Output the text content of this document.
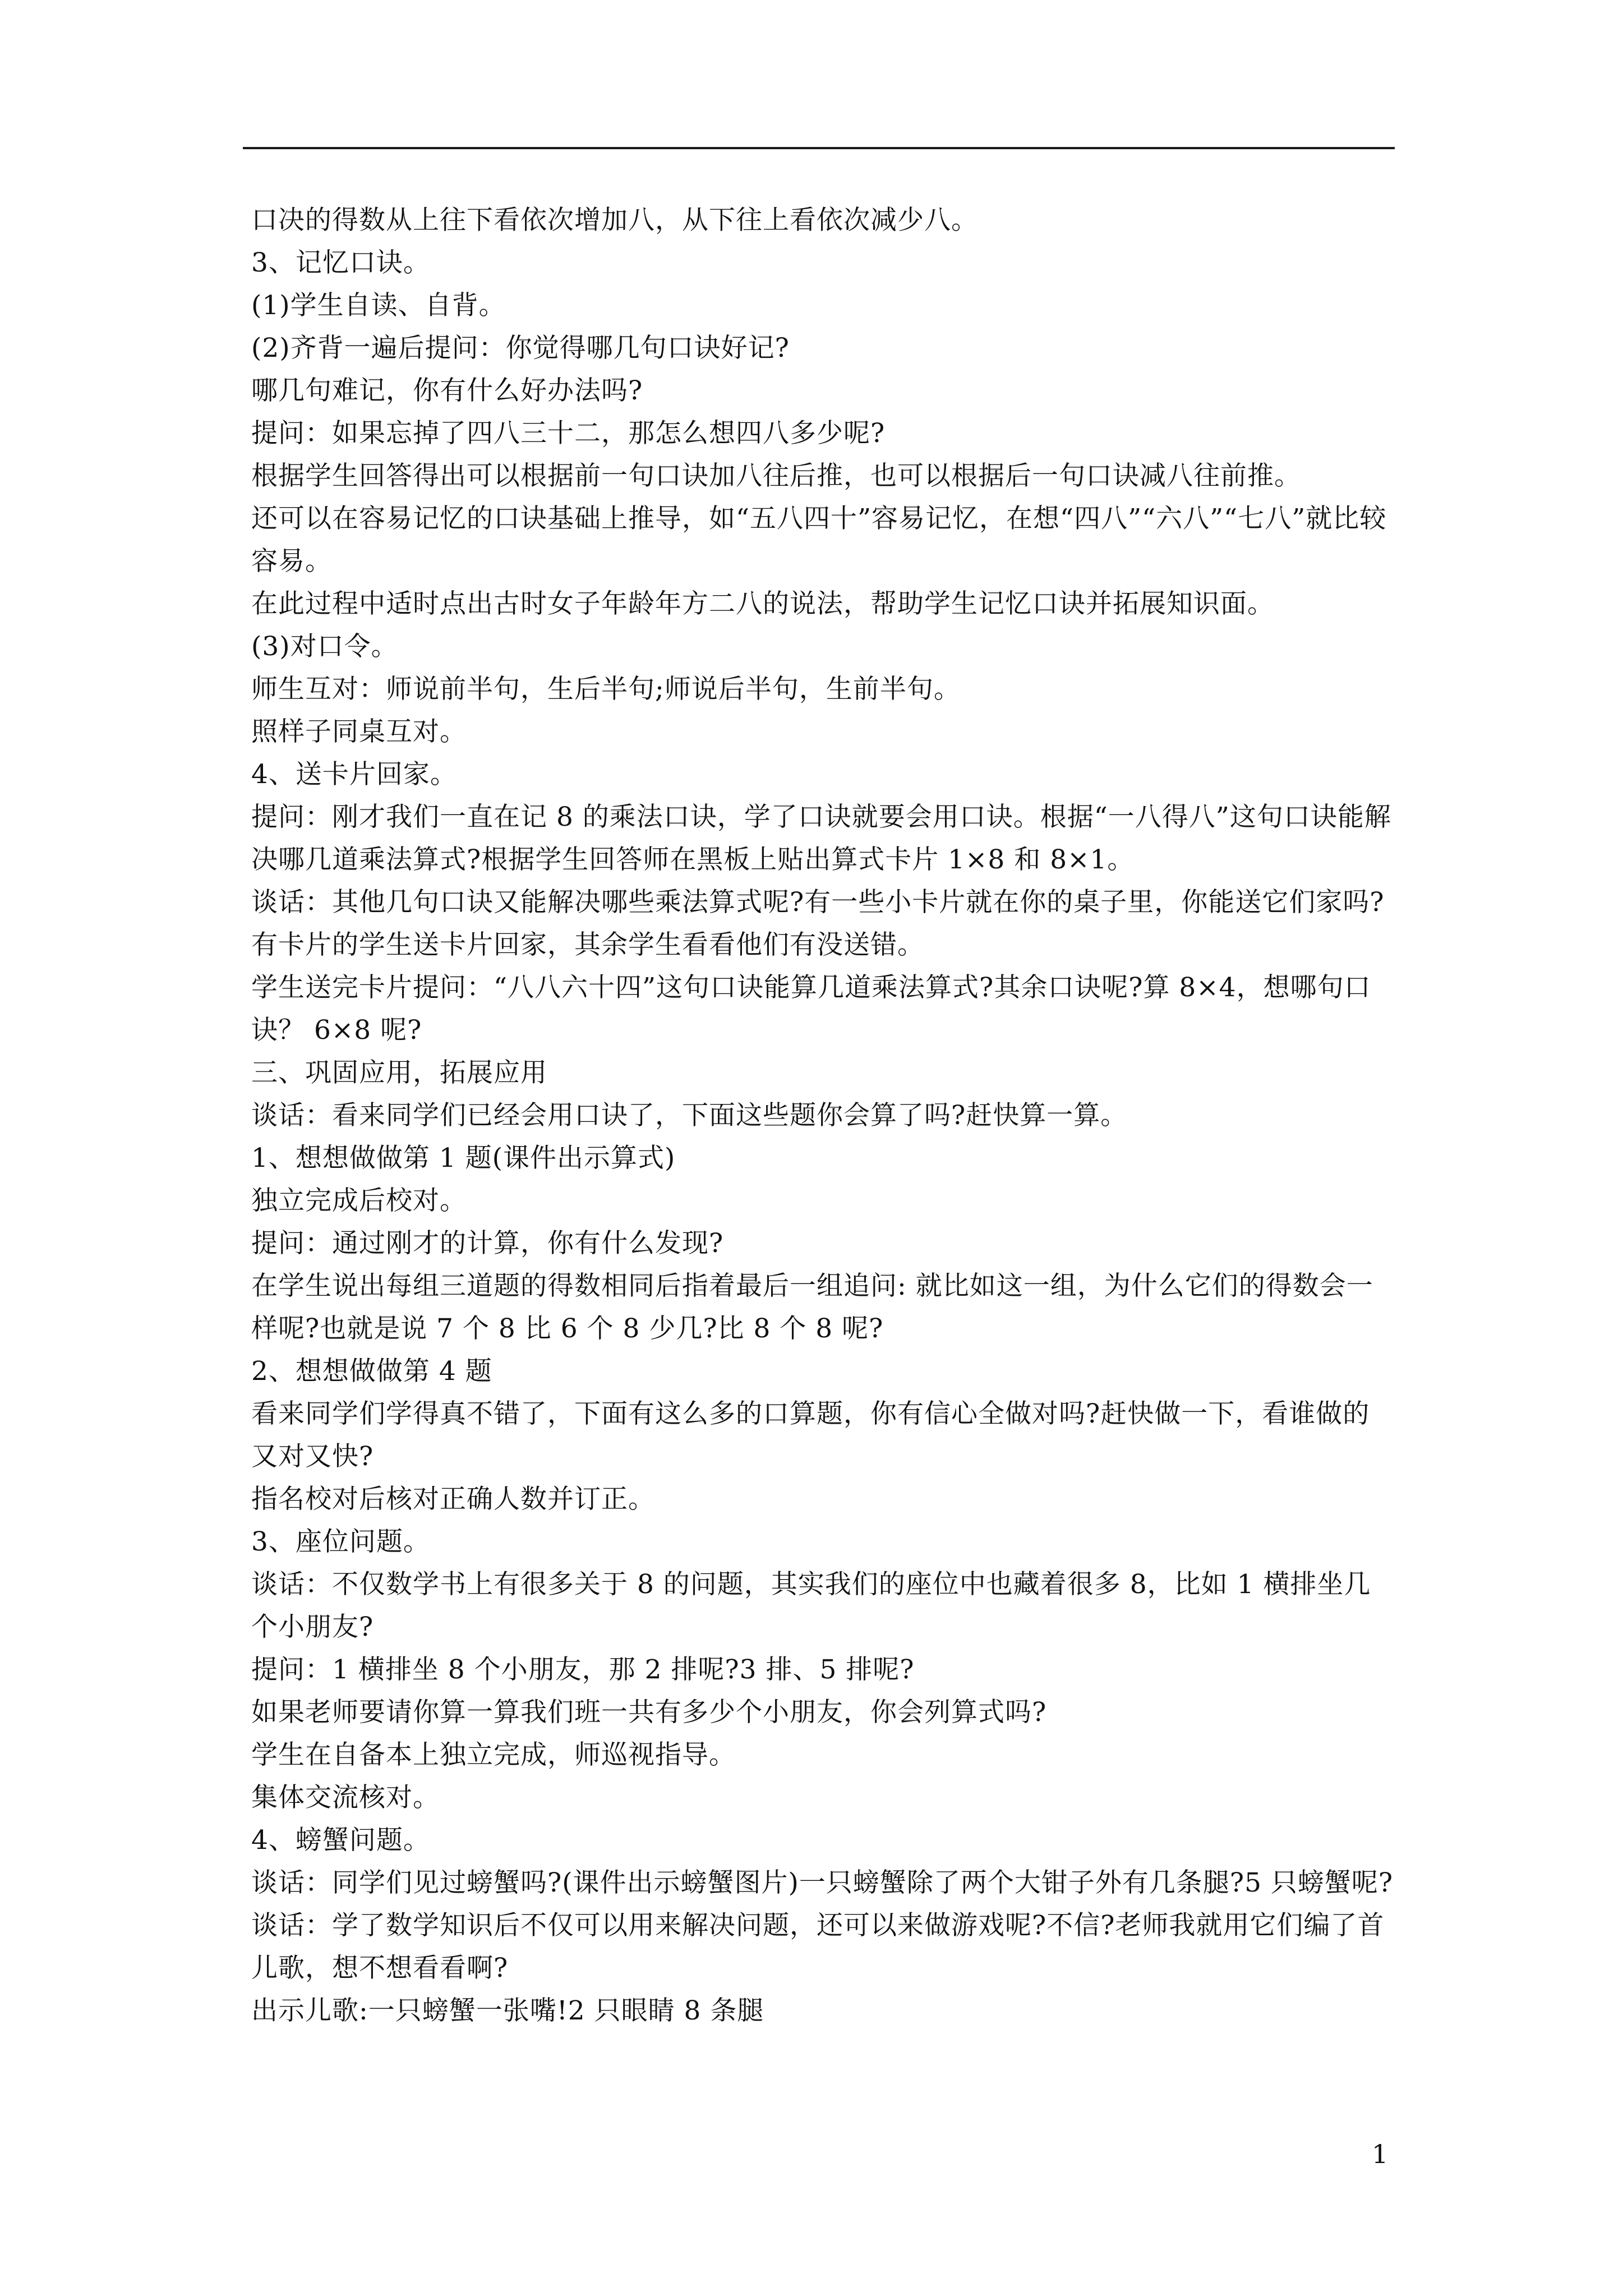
口决的得数从上往下看依次增加八，从下往上看依次减少八。

3、记忆口诀。

(1)学生自读、自背。

(2)齐背一遍后提问：你觉得哪几句口诀好记?

哪几句难记，你有什么好办法吗?

提问：如果忘掉了四八三十二，那怎么想四八多少呢?

根据学生回答得出可以根据前一句口诀加八往后推，也可以根据后一句口诀减八往前推。

还可以在容易记忆的口诀基础上推导，如“五八四十”容易记忆，在想“四八”“六八”“七八”就比较容易。

在此过程中适时点出古时女子年龄年方二八的说法，帮助学生记忆口诀并拓展知识面。

(3)对口令。

师生互对：师说前半句，生后半句;师说后半句，生前半句。

照样子同桌互对。

4、送卡片回家。

提问：刚才我们一直在记 8 的乘法口诀，学了口诀就要会用口诀。根据“一八得八”这句口诀能解决哪几道乘法算式?根据学生回答师在黑板上贴出算式卡片 1×8 和 8×1。

谈话：其他几句口诀又能解决哪些乘法算式呢?有一些小卡片就在你的桌子里，你能送它们家吗?有卡片的学生送卡片回家，其余学生看看他们有没送错。

学生送完卡片提问：“八八六十四”这句口诀能算几道乘法算式?其余口诀呢?算 8×4，想哪句口诀？ 6×8 呢?

三、巩固应用，拓展应用

谈话：看来同学们已经会用口诀了，下面这些题你会算了吗?赶快算一算。

1、想想做做第 1 题(课件出示算式)

独立完成后校对。

提问：通过刚才的计算，你有什么发现?

在学生说出每组三道题的得数相同后指着最后一组追问: 就比如这一组，为什么它们的得数会一样呢?也就是说 7 个 8 比 6 个 8 少几?比 8 个 8 呢?

2、想想做做第 4 题

看来同学们学得真不错了，下面有这么多的口算题，你有信心全做对吗?赶快做一下，看谁做的又对又快?

指名校对后核对正确人数并订正。

3、座位问题。

谈话：不仅数学书上有很多关于 8 的问题，其实我们的座位中也藏着很多 8，比如 1 横排坐几个小朋友?

提问：1 横排坐 8 个小朋友，那 2 排呢?3 排、5 排呢?

如果老师要请你算一算我们班一共有多少个小朋友，你会列算式吗?

学生在自备本上独立完成，师巡视指导。

集体交流核对。

4、螃蟹问题。

谈话：同学们见过螃蟹吗?(课件出示螃蟹图片)一只螃蟹除了两个大钳子外有几条腿?5 只螃蟹呢?

谈话：学了数学知识后不仅可以用来解决问题，还可以来做游戏呢?不信?老师我就用它们编了首儿歌，想不想看看啊?

出示儿歌:一只螃蟹一张嘴!2 只眼睛 8 条腿

1
